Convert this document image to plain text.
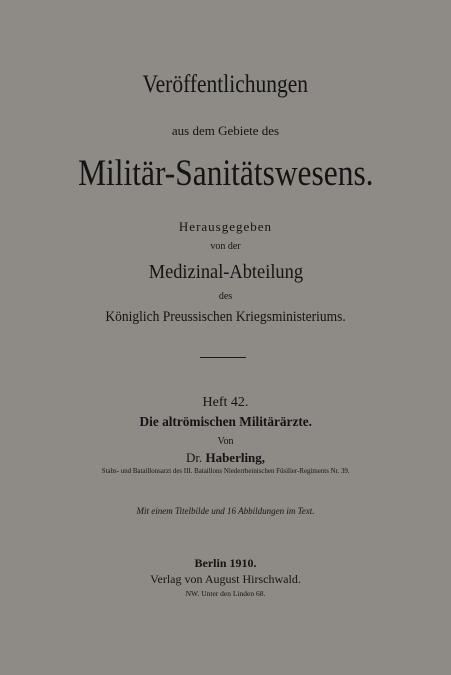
Veröffentlichungen
aus dem Gebiete des
Militär-Sanitätswesens.
Herausgegeben
von der
Medizinal-Abteilung
des
Königlich Preussischen Kriegsministeriums.
Heft 42.
Die altrömischen Militärärzte.
Von
Dr. Haberling,
Stabs- und Bataillonsarzt des III. Bataillons Niederrheinischen Füsilier-Regiments Nr. 39.
Mit einem Titelbilde und 16 Abbildungen im Text.
Berlin 1910.
Verlag von August Hirschwald.
NW. Unter den Linden 68.
